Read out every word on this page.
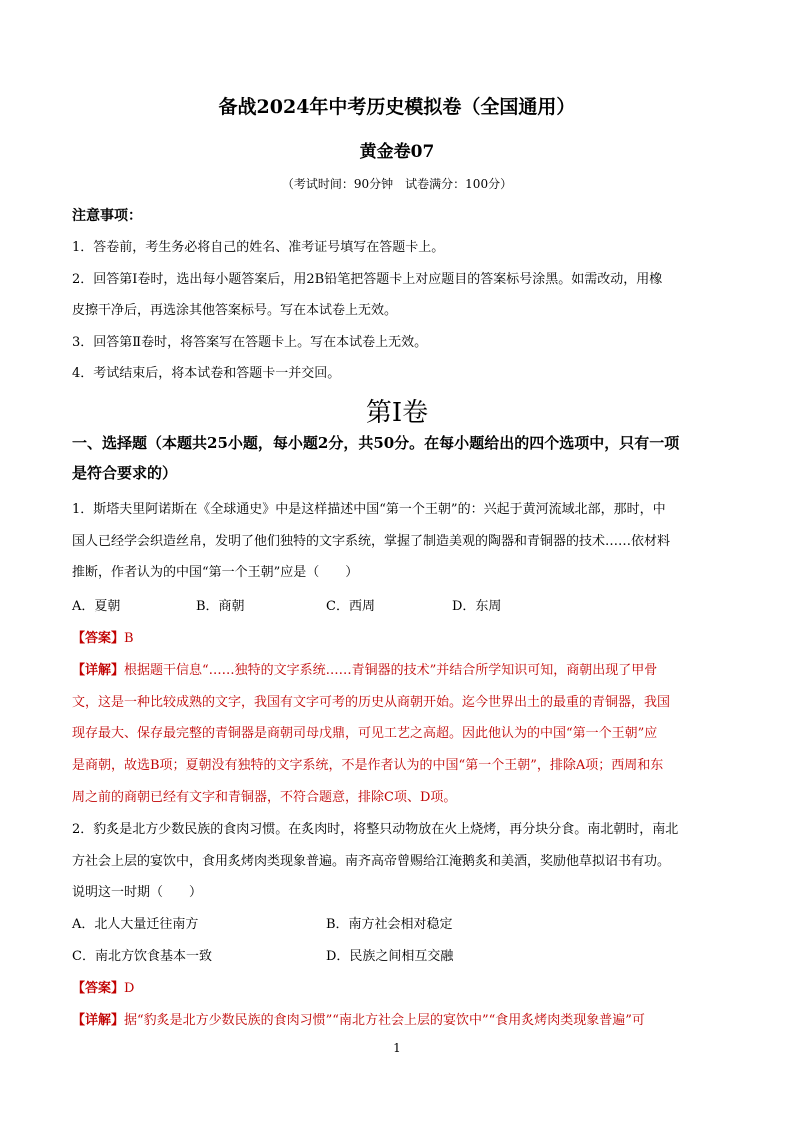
备战2024年中考历史模拟卷（全国通用）
黄金卷07
（考试时间：90分钟　试卷满分：100分）
注意事项：
1．答卷前，考生务必将自己的姓名、准考证号填写在答题卡上。
2．回答第Ⅰ卷时，选出每小题答案后，用2B铅笔把答题卡上对应题目的答案标号涂黑。如需改动，用橡
皮擦干净后，再选涂其他答案标号。写在本试卷上无效。
3．回答第Ⅱ卷时，将答案写在答题卡上。写在本试卷上无效。
4．考试结束后，将本试卷和答题卡一并交回。
第Ⅰ卷
一、选择题（本题共25小题，每小题2分，共50分。在每小题给出的四个选项中，只有一项
是符合要求的）
1．斯塔夫里阿诺斯在《全球通史》中是这样描述中国“第一个王朝”的：兴起于黄河流域北部，那时，中
国人已经学会织造丝帛，发明了他们独特的文字系统，掌握了制造美观的陶器和青铜器的技术……依材料
推断，作者认为的中国“第一个王朝”应是（　　）
A．夏朝	B．商朝	C．西周	D．东周
【答案】B
【详解】根据题干信息“……独特的文字系统……青铜器的技术”并结合所学知识可知，商朝出现了甲骨
文，这是一种比较成熟的文字，我国有文字可考的历史从商朝开始。迄今世界出土的最重的青铜器，我国
现存最大、保存最完整的青铜器是商朝司母戊鼎，可见工艺之高超。因此他认为的中国“第一个王朝”应
是商朝，故选B项；夏朝没有独特的文字系统，不是作者认为的中国“第一个王朝”，排除A项；西周和东
周之前的商朝已经有文字和青铜器，不符合题意，排除C项、D项。
2．豹炙是北方少数民族的食肉习惯。在炙肉时，将整只动物放在火上烧烤，再分块分食。南北朝时，南北
方社会上层的宴饮中，食用炙烤肉类现象普遍。南齐高帝曾赐给江淹鹅炙和美酒，奖励他草拟诏书有功。
说明这一时期（　　）
A．北人大量迁往南方	B．南方社会相对稳定
C．南北方饮食基本一致	D．民族之间相互交融
【答案】D
【详解】据“豹炙是北方少数民族的食肉习惯”“南北方社会上层的宴饮中”“食用炙烤肉类现象普遍”可
1
